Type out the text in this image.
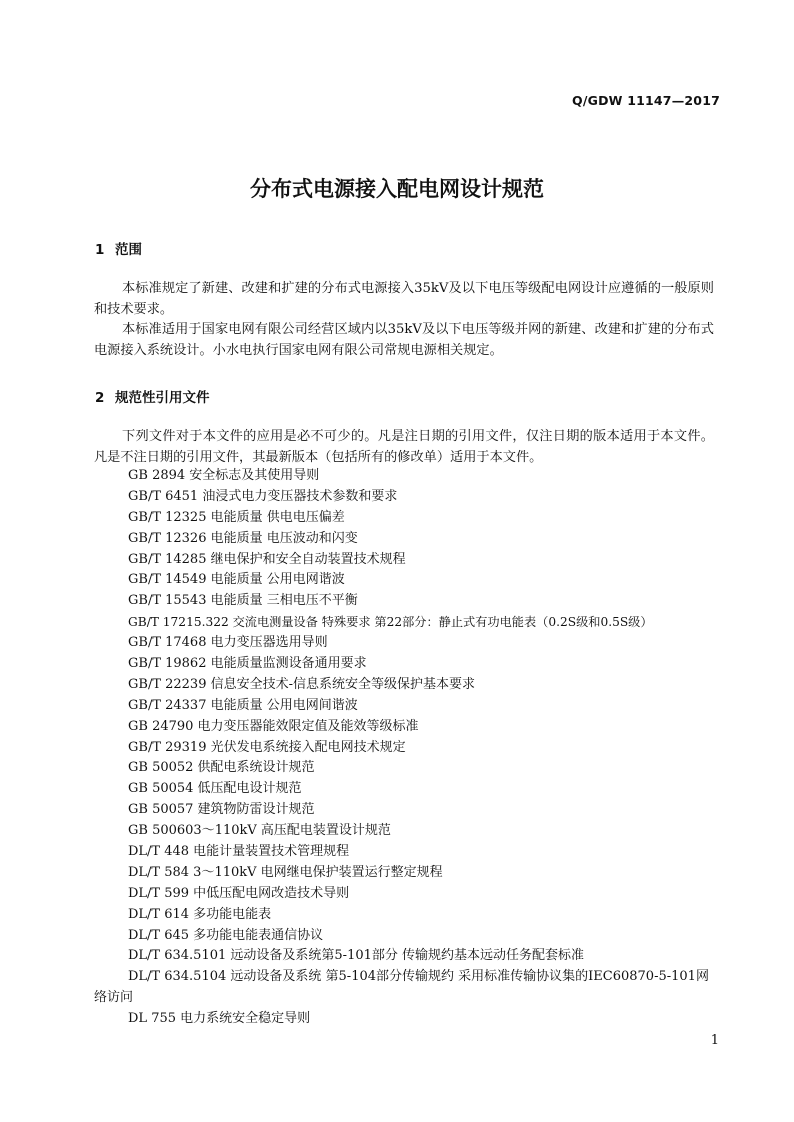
Q/GDW 11147—2017
分布式电源接入配电网设计规范
1 范围
本标准规定了新建、改建和扩建的分布式电源接入35kV及以下电压等级配电网设计应遵循的一般原则和技术要求。
本标准适用于国家电网有限公司经营区域内以35kV及以下电压等级并网的新建、改建和扩建的分布式电源接入系统设计。小水电执行国家电网有限公司常规电源相关规定。
2 规范性引用文件
下列文件对于本文件的应用是必不可少的。凡是注日期的引用文件，仅注日期的版本适用于本文件。凡是不注日期的引用文件，其最新版本（包括所有的修改单）适用于本文件。
GB 2894 安全标志及其使用导则
GB/T 6451 油浸式电力变压器技术参数和要求
GB/T 12325 电能质量 供电电压偏差
GB/T 12326 电能质量 电压波动和闪变
GB/T 14285 继电保护和安全自动装置技术规程
GB/T 14549 电能质量 公用电网谐波
GB/T 15543 电能质量 三相电压不平衡
GB/T 17215.322 交流电测量设备 特殊要求 第22部分：静止式有功电能表（0.2S级和0.5S级）
GB/T 17468 电力变压器选用导则
GB/T 19862 电能质量监测设备通用要求
GB/T 22239 信息安全技术-信息系统安全等级保护基本要求
GB/T 24337 电能质量 公用电网间谐波
GB 24790 电力变压器能效限定值及能效等级标准
GB/T 29319 光伏发电系统接入配电网技术规定
GB 50052 供配电系统设计规范
GB 50054 低压配电设计规范
GB 50057 建筑物防雷设计规范
GB 500603～110kV 高压配电装置设计规范
DL/T 448 电能计量装置技术管理规程
DL/T 584 3～110kV 电网继电保护装置运行整定规程
DL/T 599 中低压配电网改造技术导则
DL/T 614 多功能电能表
DL/T 645 多功能电能表通信协议
DL/T 634.5101 远动设备及系统第5-101部分 传输规约基本远动任务配套标准
DL/T 634.5104 远动设备及系统 第5-104部分传输规约 采用标准传输协议集的IEC60870-5-101网络访问
DL 755 电力系统安全稳定导则
1
